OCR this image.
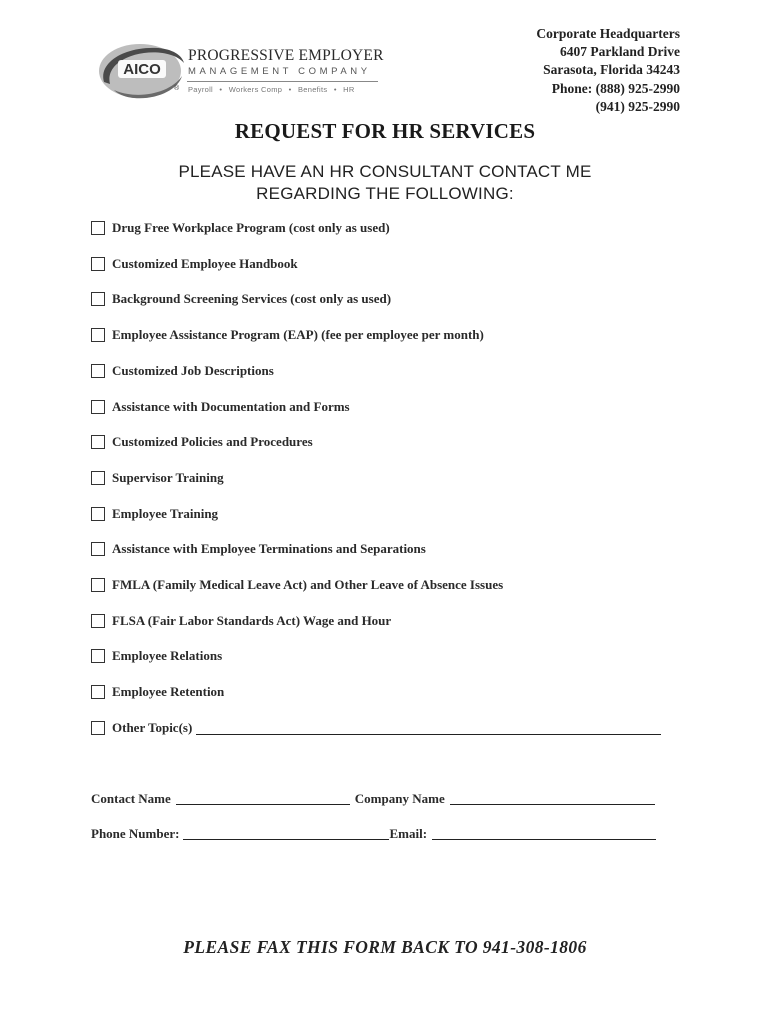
AICO
PROGRESSIVE EMPLOYER
MANAGEMENT COMPANY
® Payroll • Workers Comp • Benefits • HR
Corporate Headquarters
6407 Parkland Drive
Sarasota, Florida 34243
Phone: (888) 925-2990
(941) 925-2990
REQUEST FOR HR SERVICES
PLEASE HAVE AN HR CONSULTANT CONTACT ME
REGARDING THE FOLLOWING:
Drug Free Workplace Program (cost only as used)
Customized Employee Handbook
Background Screening Services (cost only as used)
Employee Assistance Program (EAP) (fee per employee per month)
Customized Job Descriptions
Assistance with Documentation and Forms
Customized Policies and Procedures
Supervisor Training
Employee Training
Assistance with Employee Terminations and Separations
FMLA (Family Medical Leave Act) and Other Leave of Absence Issues
FLSA (Fair Labor Standards Act) Wage and Hour
Employee Relations
Employee Retention
Other Topic(s)
Contact Name	Company Name
Phone Number:	Email:
PLEASE FAX THIS FORM BACK TO 941-308-1806
